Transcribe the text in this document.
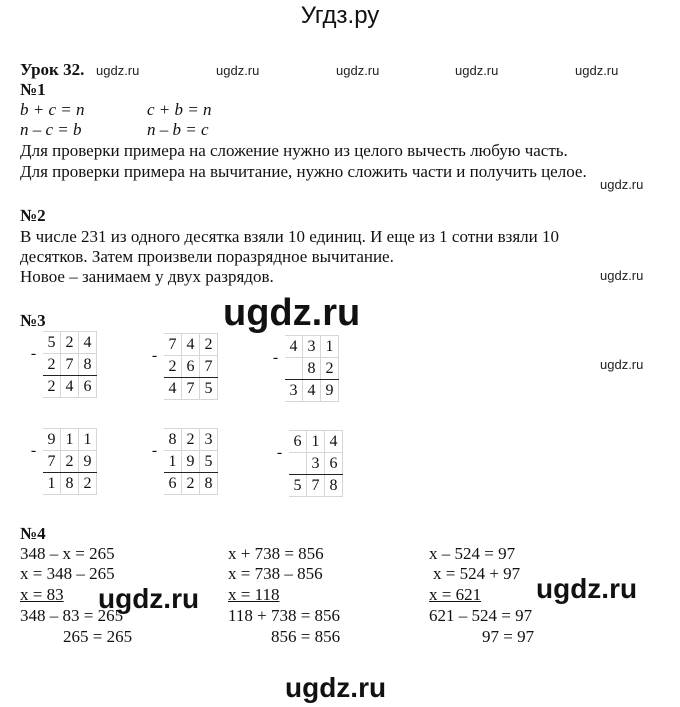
Угдз.ру
ugdz.ru	ugdz.ru	ugdz.ru	ugdz.ru	ugdz.ru
ugdz.ru
ugdz.ru
ugdz.ru
ugdz.ru
ugdz.ru	ugdz.ru
ugdz.ru
Урок 32.
№1
b + c = n	c + b = n
n – c = b	n – b = c
Для проверки примера на сложение нужно из целого вычесть любую часть.
Для проверки примера на вычитание, нужно сложить части и получить целое.
№2
В числе 231 из одного десятка взяли 10 единиц. И еще из 1 сотни взяли 10
десятков. Затем произвели поразрядное вычитание.
Новое – занимаем у двух разрядов.
№3
-	5	2	4
	2	7	8
	2	4	6
-	7	4	2
	2	6	7
	4	7	5
-	4	3	1
		8	2
	3	4	9
-	9	1	1
	7	2	9
	1	8	2
-	8	2	3
	1	9	5
	6	2	8
-	6	1	4
		3	6
	5	7	8
№4
348 – x = 265
x = 348 – 265
x = 83
348 – 83 = 265
265 = 265
x + 738 = 856
x = 738 – 856
x = 118
118 + 738 = 856
856 = 856
x – 524 = 97
x = 524 + 97
x = 621
621 – 524 = 97
97 = 97
